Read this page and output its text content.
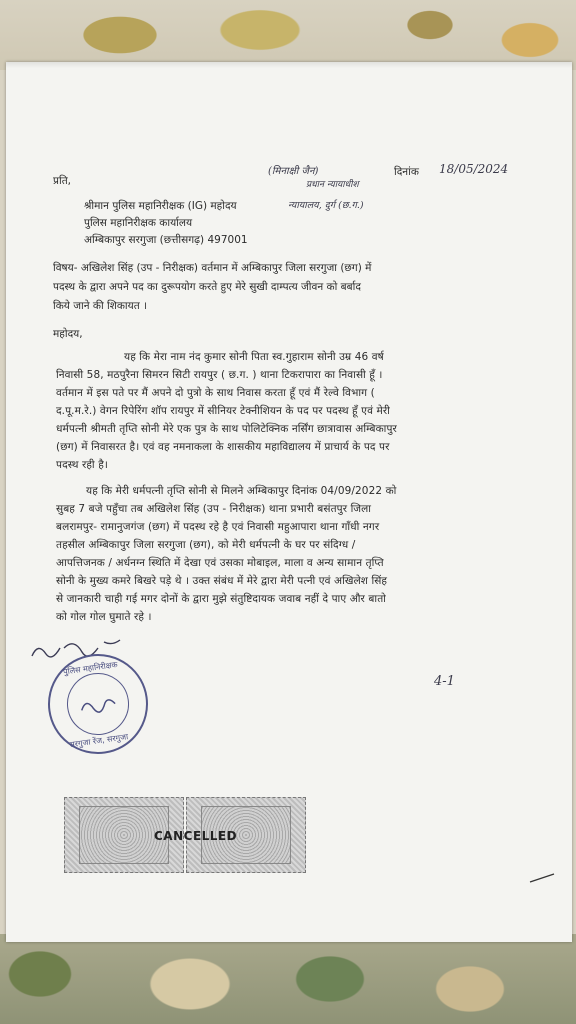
प्रति,
(मिनाक्षी जैन)
प्रधान न्यायाधीश
दिनांक 18/05/2024
श्रीमान पुलिस महानिरीक्षक (IG) महोदय	न्यायालय, दुर्ग (छ.ग.)
पुलिस महानिरीक्षक कार्यालय
अम्बिकापुर सरगुजा (छत्तीसगढ़) 497001
विषय- अखिलेश सिंह (उप - निरीक्षक) वर्तमान में अम्बिकापुर जिला सरगुजा (छग) में
पदस्थ के द्वारा अपने पद का दुरूपयोग करते हुए मेरे सुखी दाम्पत्य जीवन को बर्बाद
किये जाने की शिकायत ।
महोदय,
यह कि मेरा नाम नंद कुमार सोनी पिता स्व.गुहाराम सोनी उम्र 46 वर्ष
निवासी 58, मठपुरैना सिमरन सिटी रायपुर ( छ.ग. ) थाना टिकरापारा का निवासी हूँ ।
वर्तमान में इस पते पर मैं अपने दो पुत्रो के साथ निवास करता हूँ एवं मैं रेल्वे विभाग (
द.पू.म.रे.) वेगन रिपेरिंग शॉप रायपुर में सीनियर टेक्नीशियन के पद पर पदस्थ हूँ एवं मेरी
धर्मपत्नी श्रीमती तृप्ति सोनी मेरे एक पुत्र के साथ पोलिटेक्निक नर्सिंग छात्रावास अम्बिकापुर
(छग) में निवासरत है। एवं वह नमनाकला के शासकीय महाविद्यालय में प्राचार्य के पद पर
पदस्थ रही है।
यह कि मेरी धर्मपत्नी तृप्ति सोनी से मिलने अम्बिकापुर दिनांक 04/09/2022 को
सुबह 7 बजे पहुँचा तब अखिलेश सिंह (उप - निरीक्षक) थाना प्रभारी बसंतपुर जिला
बलरामपुर- रामानुजगंज (छग) में पदस्थ रहे है एवं निवासी महुआपारा थाना गाँधी नगर
तहसील अम्बिकापुर जिला सरगुजा (छग), को मेरी धर्मपत्नी के घर पर संदिग्ध /
आपत्तिजनक / अर्धनग्न स्थिति में देखा एवं उसका मोबाइल, माला व अन्य सामान तृप्ति
सोनी के मुख्य कमरे बिखरे पड़े थे । उक्त संबंध में मेरे द्वारा मेरी पत्नी एवं अखिलेश सिंह
से जानकारी चाही गई मगर दोनों के द्वारा मुझे संतुष्टिदायक जवाब नहीं दे पाए और बातो
को गोल गोल घुमाते रहे ।
पुलिस महानिरीक्षक
सरगुजा रेंज, सरगुजा
4-1
CANCELLED
